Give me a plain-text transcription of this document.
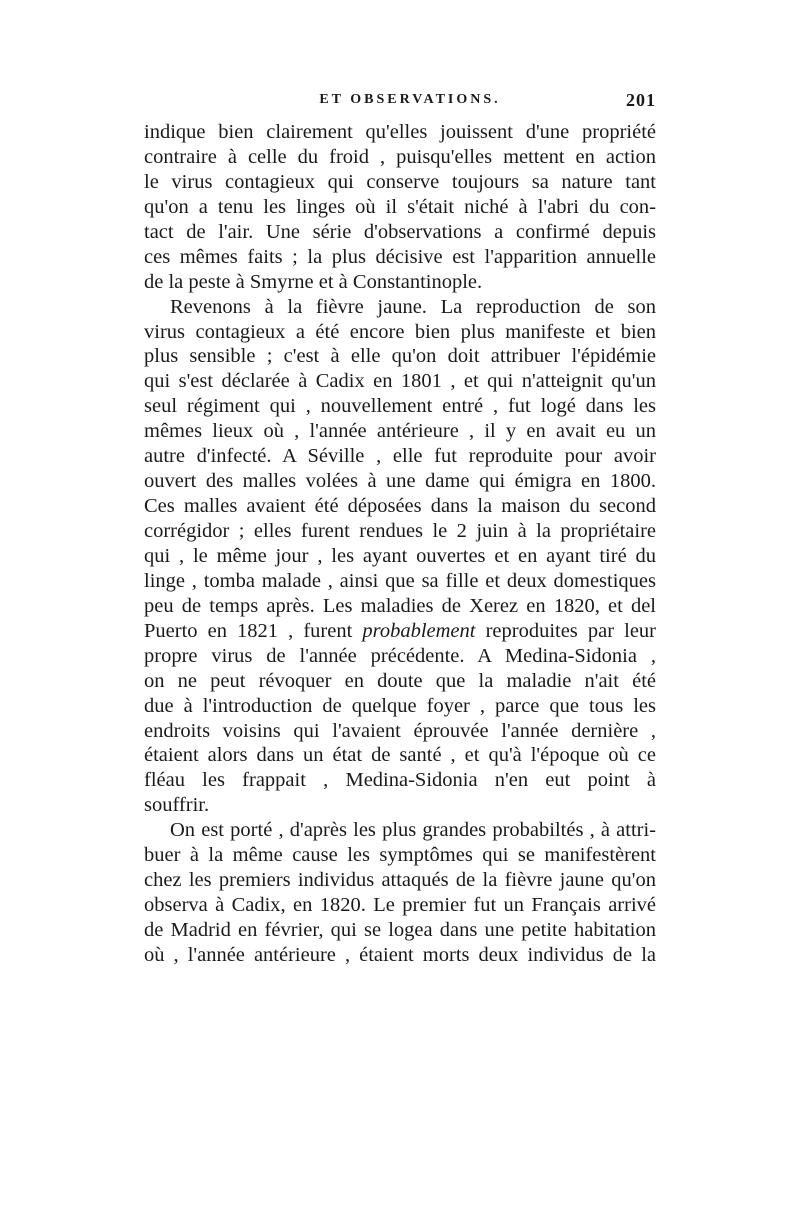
ET OBSERVATIONS.	201
indique bien clairement qu'elles jouissent d'une propriété
contraire à celle du froid , puisqu'elles mettent en action
le virus contagieux qui conserve toujours sa nature tant
qu'on a tenu les linges où il s'était niché à l'abri du con-
tact de l'air. Une série d'observations a confirmé depuis
ces mêmes faits ; la plus décisive est l'apparition annuelle
de la peste à Smyrne et à Constantinople.
Revenons à la fièvre jaune. La reproduction de son
virus contagieux a été encore bien plus manifeste et bien
plus sensible ; c'est à elle qu'on doit attribuer l'épidémie
qui s'est déclarée à Cadix en 1801 , et qui n'atteignit qu'un
seul régiment qui , nouvellement entré , fut logé dans les
mêmes lieux où , l'année antérieure , il y en avait eu un
autre d'infecté. A Séville , elle fut reproduite pour avoir
ouvert des malles volées à une dame qui émigra en 1800.
Ces malles avaient été déposées dans la maison du second
corrégidor ; elles furent rendues le 2 juin à la propriétaire
qui , le même jour , les ayant ouvertes et en ayant tiré du
linge , tomba malade , ainsi que sa fille et deux domestiques
peu de temps après. Les maladies de Xerez en 1820, et del
Puerto en 1821 , furent probablement reproduites par leur
propre virus de l'année précédente. A Medina-Sidonia ,
on ne peut révoquer en doute que la maladie n'ait été
due à l'introduction de quelque foyer , parce que tous les
endroits voisins qui l'avaient éprouvée l'année dernière ,
étaient alors dans un état de santé , et qu'à l'époque où ce
fléau les frappait , Medina-Sidonia n'en eut point à
souffrir.
On est porté , d'après les plus grandes probabiltés , à attri-
buer à la même cause les symptômes qui se manifestèrent
chez les premiers individus attaqués de la fièvre jaune qu'on
observa à Cadix, en 1820. Le premier fut un Français arrivé
de Madrid en février, qui se logea dans une petite habitation
où , l'année antérieure , étaient morts deux individus de la
